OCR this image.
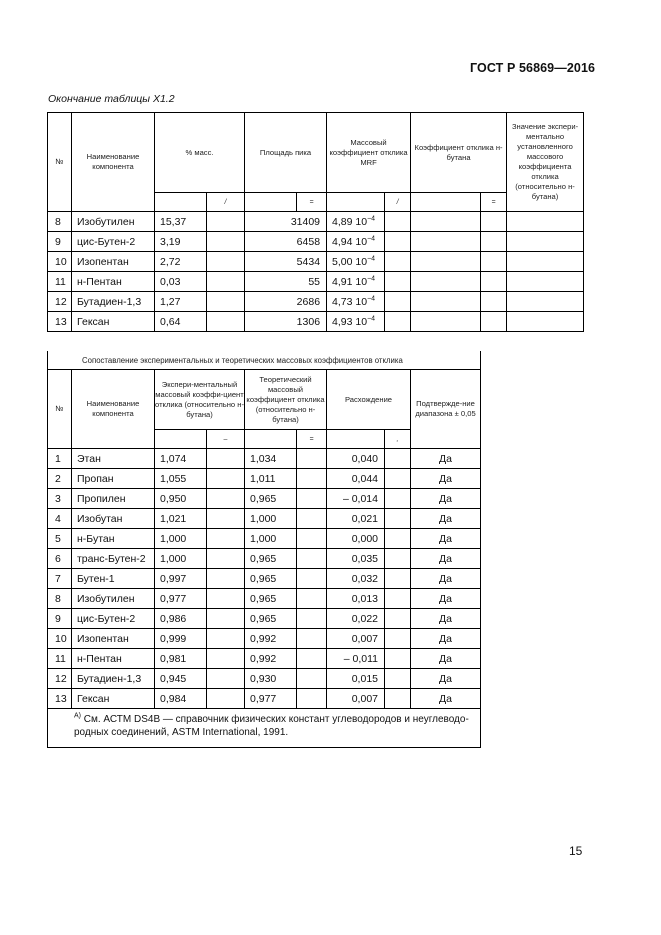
ГОСТ Р 56869—2016
Окончание таблицы Х1.2
№	Наименование компонента	% масс.		Площадь пика		Массовый коэффициент отклика MRF		Коэффициент отклика н-бутана		Значение экспери-ментально установленного массового коэффициента отклика (относительно н-бутана)
			/		=		/		=	
8	Изобутилен	15,37		31409		4,89 $10^{-4}$				
9	цис-Бутен-2	3,19		6458		4,94 $10^{-4}$				
10	Изопентан	2,72		5434		5,00 $10^{-4}$				
11	н-Пентан	0,03		55		4,91 $10^{-4}$				
12	Бутадиен-1,3	1,27		2686		4,73 $10^{-4}$				
13	Гексан	0,64		1306		4,93 $10^{-4}$				
Сопоставление экспериментальных и теоретических массовых коэффициентов отклика								
№	Наименование компонента	Экспери-ментальный массовый коэффи-циент отклика (относительно н-бутана)		Теоретический массовый коэффициент отклика (относительно н-бутана)		Расхождение		Подтвержде-ние диапазона ± 0,05
			–		=		,	
1	Этан	1,074		1,034		0,040		Да
2	Пропан	1,055		1,011		0,044		Да
3	Пропилен	0,950		0,965		– 0,014		Да
4	Изобутан	1,021		1,000		0,021		Да
5	н-Бутан	1,000		1,000		0,000		Да
6	транс-Бутен-2	1,000		0,965		0,035		Да
7	Бутен-1	0,997		0,965		0,032		Да
8	Изобутилен	0,977		0,965		0,013		Да
9	цис-Бутен-2	0,986		0,965		0,022		Да
10	Изопентан	0,999		0,992		0,007		Да
11	н-Пентан	0,981		0,992		– 0,011		Да
12	Бутадиен-1,3	0,945		0,930		0,015		Да
13	Гексан	0,984		0,977		0,007		Да
$^{А)}$ См. АСТМ DS4B — справочник физических констант углеводородов и неуглеводо-родных соединений, ASTM International, 1991.								
15
